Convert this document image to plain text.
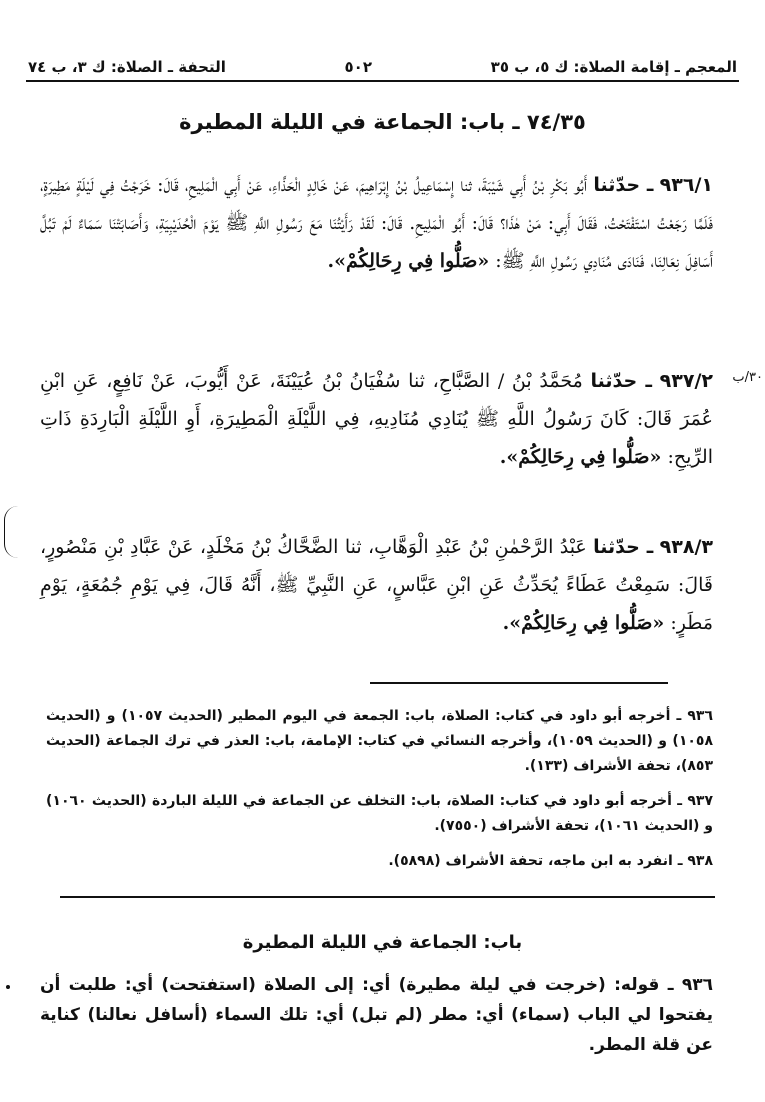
المعجم ـ إقامة الصلاة: ك ٥، ب ٣٥
٥٠٢
التحفة ـ الصلاة: ك ٣، ب ٧٤
٧٤/٣٥ ـ باب: الجماعة في الليلة المطيرة
٩٣٦/١ ـ حدّثنا أَبُو بَكْرِ بْنُ أَبِي شَيْبَةَ، ثنا إِسْمَاعِيلُ بْنُ إِبْرَاهِيمَ، عَنْ خَالِدٍ الْحَذَّاءِ، عَنْ أَبِي الْمَلِيحِ، قَالَ: خَرَجْتُ فِي لَيْلَةٍ مَطِيرَةٍ، فَلَمَّا رَجَعْتُ اسْتَفْتَحْتُ، فَقَالَ أَبِي: مَنْ هٰذَا؟ قَالَ: أَبُو الْمَلِيحِ. قَالَ: لَقَدْ رَأَيْتُنَا مَعَ رَسُولِ اللَّهِ ﷺ يَوْمَ الْحُدَيْبِيَةِ، وَأَصَابَتْنَا سَمَاءٌ لَمْ تَبُلَّ أَسَافِلَ نِعَالِنَا، فَنَادَى مُنَادِي رَسُولِ اللَّهِ ﷺ: «صَلُّوا فِي رِحَالِكُمْ».
٣٠/ب
٩٣٧/٢ ـ حدّثنا مُحَمَّدُ بْنُ / الصَّبَّاحِ، ثنا سُفْيَانُ بْنُ عُيَيْنَةَ، عَنْ أَيُّوبَ، عَنْ نَافِعٍ، عَنِ ابْنِ عُمَرَ قَالَ: كَانَ رَسُولُ اللَّهِ ﷺ يُنَادِي مُنَادِيهِ، فِي اللَّيْلَةِ الْمَطِيرَةِ، أَوِ اللَّيْلَةِ الْبَارِدَةِ ذَاتِ الرِّيحِ: «صَلُّوا فِي رِحَالِكُمْ».
٩٣٨/٣ ـ حدّثنا عَبْدُ الرَّحْمٰنِ بْنُ عَبْدِ الْوَهَّابِ، ثنا الضَّحَّاكُ بْنُ مَخْلَدٍ، عَنْ عَبَّادِ بْنِ مَنْصُورٍ، قَالَ: سَمِعْتُ عَطَاءً يُحَدِّثُ عَنِ ابْنِ عَبَّاسٍ، عَنِ النَّبِيِّ ﷺ، أَنَّهُ قَالَ، فِي يَوْمِ جُمُعَةٍ، يَوْمِ مَطَرٍ: «صَلُّوا فِي رِحَالِكُمْ».

٩٣٦ ـ أخرجه أبو داود في كتاب: الصلاة، باب: الجمعة في اليوم المطير (الحديث ١٠٥٧) و (الحديث ١٠٥٨) و (الحديث ١٠٥٩)، وأخرجه النسائي في كتاب: الإمامة، باب: العذر في ترك الجماعة (الحديث ٨٥٣)، تحفة الأشراف (١٣٣).

٩٣٧ ـ أخرجه أبو داود في كتاب: الصلاة، باب: التخلف عن الجماعة في الليلة الباردة (الحديث ١٠٦٠) و (الحديث ١٠٦١)، تحفة الأشراف (٧٥٥٠).

٩٣٨ ـ انفرد به ابن ماجه، تحفة الأشراف (٥٨٩٨).

باب: الجماعة في الليلة المطيرة
٩٣٦ ـ قوله: (خرجت في ليلة مطيرة) أي: إلى الصلاة (استفتحت) أي: طلبت أن يفتحوا لي الباب (سماء) أي: مطر (لم تبل) أي: تلك السماء (أسافل نعالنا) كناية عن قلة المطر.
